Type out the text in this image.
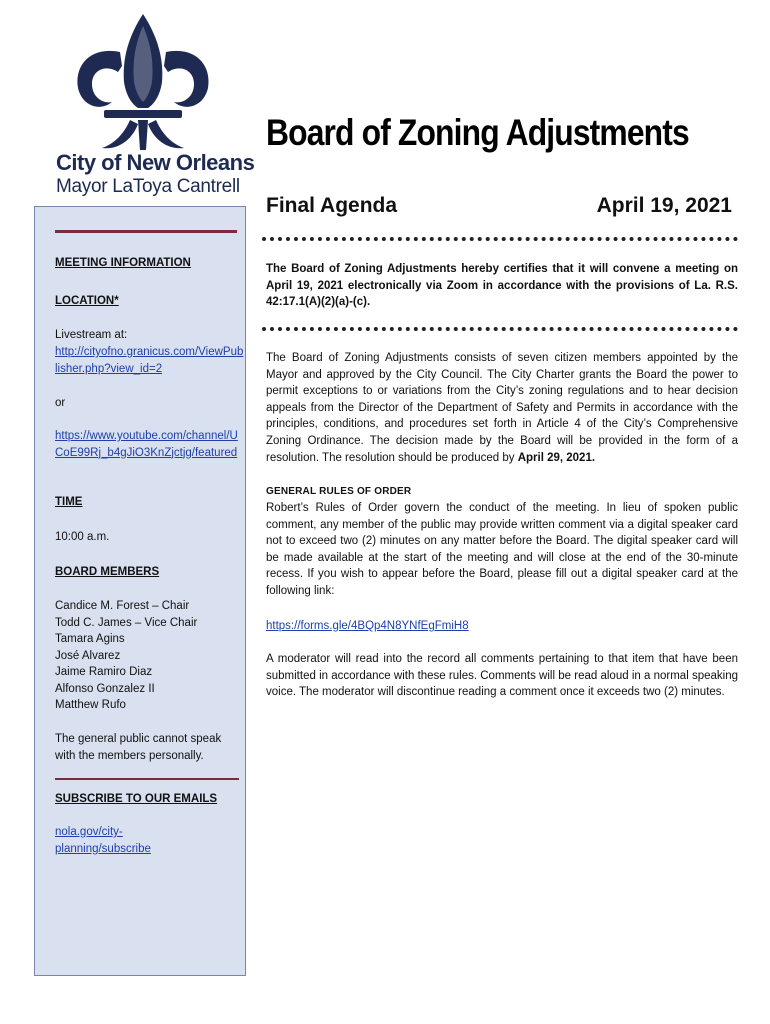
City of New Orleans
Mayor LaToya Cantrell
Board of Zoning Adjustments
Final Agenda	April 19, 2021
MEETING INFORMATION
LOCATION*
Livestream at:
http://cityofno.granicus.com/ViewPublisher.php?view_id=2
or
https://www.youtube.com/channel/UCoE99Rj_b4gJiO3KnZjctjg/featured
TIME
10:00 a.m.
BOARD MEMBERS
Candice M. Forest – Chair
Todd C. James – Vice Chair
Tamara Agins
José Alvarez
Jaime Ramiro Diaz
Alfonso Gonzalez II
Matthew Rufo
The general public cannot speak with the members personally.
SUBSCRIBE TO OUR EMAILS
nola.gov/city-planning/subscribe
The Board of Zoning Adjustments hereby certifies that it will convene a meeting on April 19, 2021 electronically via Zoom in accordance with the provisions of La. R.S. 42:17.1(A)(2)(a)-(c).
The Board of Zoning Adjustments consists of seven citizen members appointed by the Mayor and approved by the City Council. The City Charter grants the Board the power to permit exceptions to or variations from the City’s zoning regulations and to hear decision appeals from the Director of the Department of Safety and Permits in accordance with the principles, conditions, and procedures set forth in Article 4 of the City’s Comprehensive Zoning Ordinance. The decision made by the Board will be provided in the form of a resolution. The resolution should be produced by April 29, 2021.
GENERAL RULES OF ORDER
Robert’s Rules of Order govern the conduct of the meeting. In lieu of spoken public comment, any member of the public may provide written comment via a digital speaker card not to exceed two (2) minutes on any matter before the Board. The digital speaker card will be made available at the start of the meeting and will close at the end of the 30-minute recess. If you wish to appear before the Board, please fill out a digital speaker card at the following link:
https://forms.gle/4BQp4N8YNfEgFmiH8
A moderator will read into the record all comments pertaining to that item that have been submitted in accordance with these rules. Comments will be read aloud in a normal speaking voice. The moderator will discontinue reading a comment once it exceeds two (2) minutes.
